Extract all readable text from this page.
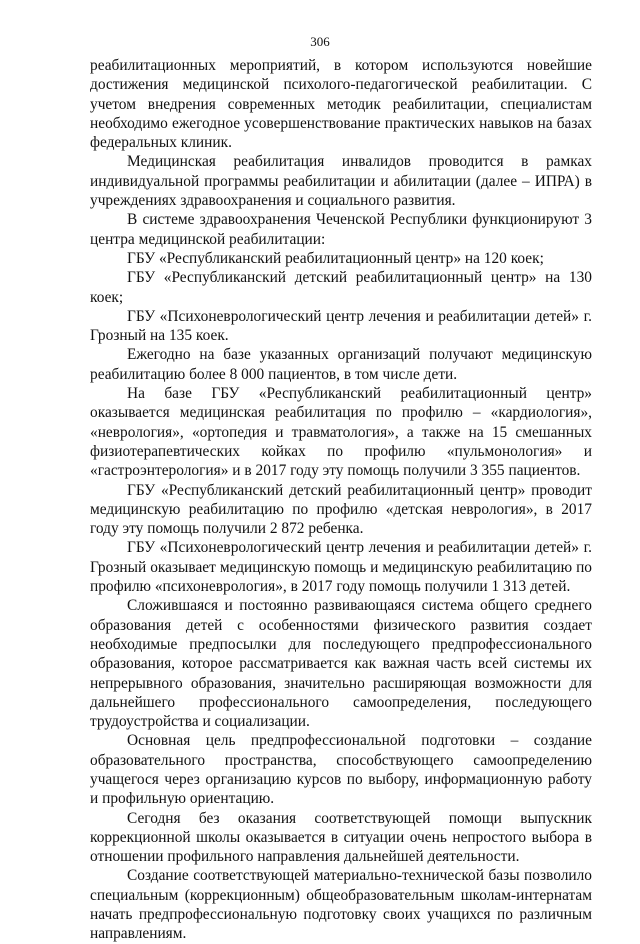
306

реабилитационных мероприятий, в котором используются новейшие достижения медицинской психолого-педагогической реабилитации. С учетом внедрения современных методик реабилитации, специалистам необходимо ежегодное усовершенствование практических навыков на базах федеральных клиник.

Медицинская реабилитация инвалидов проводится в рамках индивидуальной программы реабилитации и абилитации (далее – ИПРА) в учреждениях здравоохранения и социального развития.

В системе здравоохранения Чеченской Республики функционируют 3 центра медицинской реабилитации:

ГБУ «Республиканский реабилитационный центр» на 120 коек;

ГБУ «Республиканский детский реабилитационный центр» на 130 коек;

ГБУ «Психоневрологический центр лечения и реабилитации детей» г. Грозный на 135 коек.

Ежегодно на базе указанных организаций получают медицинскую реабилитацию более 8 000 пациентов, в том числе дети.

На базе ГБУ «Республиканский реабилитационный центр» оказывается медицинская реабилитация по профилю – «кардиология», «неврология», «ортопедия и травматология», а также на 15 смешанных физиотерапевтических койках по профилю «пульмонология» и «гастроэнтерология» и в 2017 году эту помощь получили 3 355 пациентов.

ГБУ «Республиканский детский реабилитационный центр» проводит медицинскую реабилитацию по профилю «детская неврология», в 2017 году эту помощь получили 2 872 ребенка.

ГБУ «Психоневрологический центр лечения и реабилитации детей» г. Грозный оказывает медицинскую помощь и медицинскую реабилитацию по профилю «психоневрология», в 2017 году помощь получили 1 313 детей.

Сложившаяся и постоянно развивающаяся система общего среднего образования детей с особенностями физического развития создает необходимые предпосылки для последующего предпрофессионального образования, которое рассматривается как важная часть всей системы их непрерывного образования, значительно расширяющая возможности для дальнейшего профессионального самоопределения, последующего трудоустройства и социализации.

Основная цель предпрофессиональной подготовки – создание образовательного пространства, способствующего самоопределению учащегося через организацию курсов по выбору, информационную работу и профильную ориентацию.

Сегодня без оказания соответствующей помощи выпускник коррекционной школы оказывается в ситуации очень непростого выбора в отношении профильного направления дальнейшей деятельности.

Создание соответствующей материально-технической базы позволило специальным (коррекционным) общеобразовательным школам-интернатам начать предпрофессиональную подготовку своих учащихся по различным направлениям.
